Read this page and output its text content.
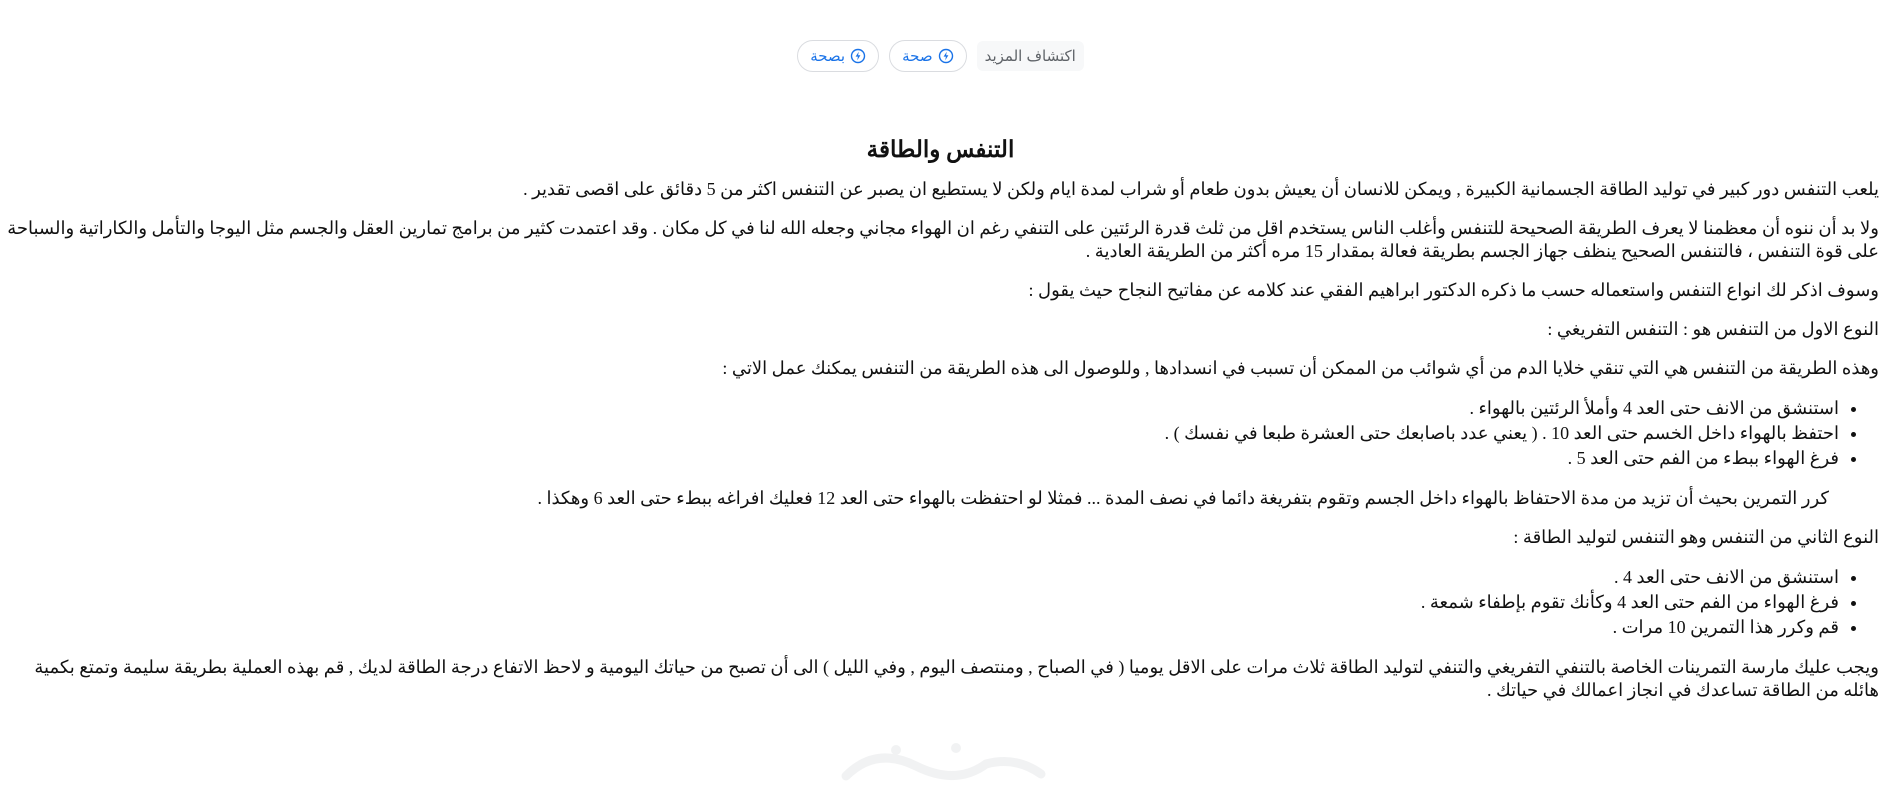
اكتشاف المزيد
صحة
بصحة
التنفس والطاقة

يلعب التنفس دور كبير في توليد الطاقة الجسمانية الكبيرة , ويمكن للانسان أن يعيش بدون طعام أو شراب لمدة ايام ولكن لا يستطيع ان يصبر عن التنفس اكثر من 5 دقائق على اقصى تقدير .

ولا بد أن ننوه أن معظمنا لا يعرف الطريقة الصحيحة للتنفس وأغلب الناس يستخدم اقل من ثلث قدرة الرئتين على التنفي رغم ان الهواء مجاني وجعله الله لنا في كل مكان . وقد اعتمدت كثير من برامج تمارين العقل والجسم مثل اليوجا والتأمل والكاراتية والسباحة على قوة التنفس ، فالتنفس الصحيح ينظف جهاز الجسم بطريقة فعالة بمقدار 15 مره أكثر من الطريقة العادية .

وسوف اذكر لك انواع التنفس واستعماله حسب ما ذكره الدكتور ابراهيم الفقي عند كلامه عن مفاتيح النجاح حيث يقول :

النوع الاول من التنفس هو : التنفس التفريغي :

وهذه الطريقة من التنفس هي التي تنقي خلايا الدم من أي شوائب من الممكن أن تسبب في انسدادها , وللوصول الى هذه الطريقة من التنفس يمكنك عمل الاتي :

• استنشق من الانف حتى العد 4 وأملأ الرئتين بالهواء .
• احتفظ بالهواء داخل الخسم حتى العد 10 . ( يعني عدد باصابعك حتى العشرة طبعا في نفسك ) .
• فرغ الهواء ببطء من الفم حتى العد 5 .

كرر التمرين بحيث أن تزيد من مدة الاحتفاظ بالهواء داخل الجسم وتقوم بتفريغة دائما في نصف المدة ... فمثلا لو احتفظت بالهواء حتى العد 12 فعليك افراغه ببطء حتى العد 6 وهكذا .

النوع الثاني من التنفس وهو التنفس لتوليد الطاقة :

• استنشق من الانف حتى العد 4 .
• فرغ الهواء من الفم حتى العد 4 وكأنك تقوم بإطفاء شمعة .
• قم وكرر هذا التمرين 10 مرات .

ويجب عليك مارسة التمرينات الخاصة بالتنفي التفريغي والتنفي لتوليد الطاقة ثلاث مرات على الاقل يوميا ( في الصباح , ومنتصف اليوم , وفي الليل ) الى أن تصبح من حياتك اليومية و لاحظ الاتفاع درجة الطاقة لديك , قم بهذه العملية بطريقة سليمة وتمتع بكمية هائله من الطاقة تساعدك في انجاز اعمالك في حياتك .
